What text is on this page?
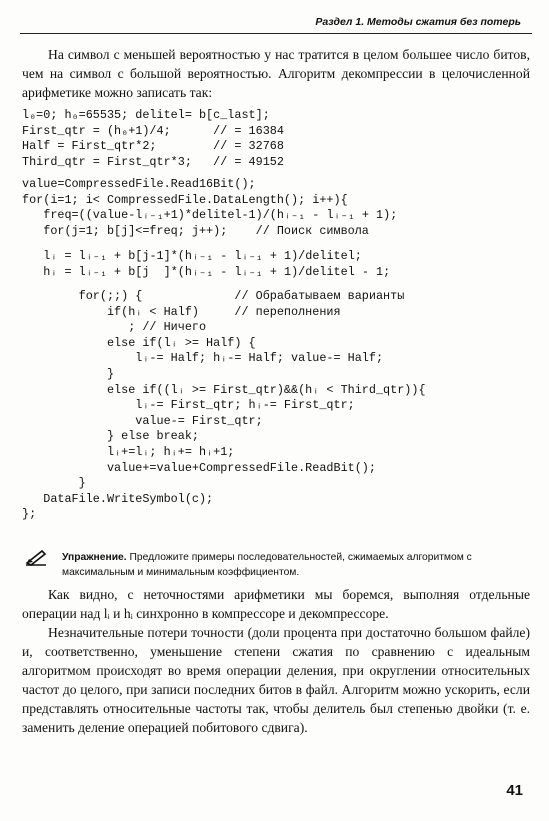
Раздел 1. Методы сжатия без потерь

На символ с меньшей вероятностью у нас тратится в целом большее число битов, чем на символ с большой вероятностью. Алгоритм декомпрессии в целочисленной арифметике можно записать так:

l₀=0; h₀=65535; delitel= b[c_last];
First_qtr = (h₀+1)/4;      // = 16384
Half = First_qtr*2;        // = 32768
Third_qtr = First_qtr*3;   // = 49152
value=CompressedFile.Read16Bit();
for(i=1; i< CompressedFile.DataLength(); i++){
freq=((value-lᵢ₋₁+1)*delitel-1)/(hᵢ₋₁ - lᵢ₋₁ + 1);
for(j=1; b[j]<=freq; j++);    // Поиск символа
lᵢ = lᵢ₋₁ + b[j-1]*(hᵢ₋₁ - lᵢ₋₁ + 1)/delitel;
hᵢ = lᵢ₋₁ + b[j  ]*(hᵢ₋₁ - lᵢ₋₁ + 1)/delitel - 1;
for(;;) {             // Обрабатываем варианты
if(hᵢ < Half)     // переполнения
; // Ничего
else if(lᵢ >= Half) {
lᵢ-= Half; hᵢ-= Half; value-= Half;
}
else if((lᵢ >= First_qtr)&&(hᵢ < Third_qtr)){
lᵢ-= First_qtr; hᵢ-= First_qtr;
value-= First_qtr;
} else break;
lᵢ+=lᵢ; hᵢ+= hᵢ+1;
value+=value+CompressedFile.ReadBit();
}
DataFile.WriteSymbol(c);
};

Упражнение. Предложите примеры последовательностей, сжимаемых алгоритмом с максимальным и минимальным коэффициентом.

Как видно, с неточностями арифметики мы боремся, выполняя отдельные операции над lᵢ и hᵢ синхронно в компрессоре и декомпрессоре.

Незначительные потери точности (доли процента при достаточно большом файле) и, соответственно, уменьшение степени сжатия по сравнению с идеальным алгоритмом происходят во время операции деления, при округлении относительных частот до целого, при записи последних битов в файл. Алгоритм можно ускорить, если представлять относительные частоты так, чтобы делитель был степенью двойки (т. е. заменить деление операцией побитового сдвига).

41
